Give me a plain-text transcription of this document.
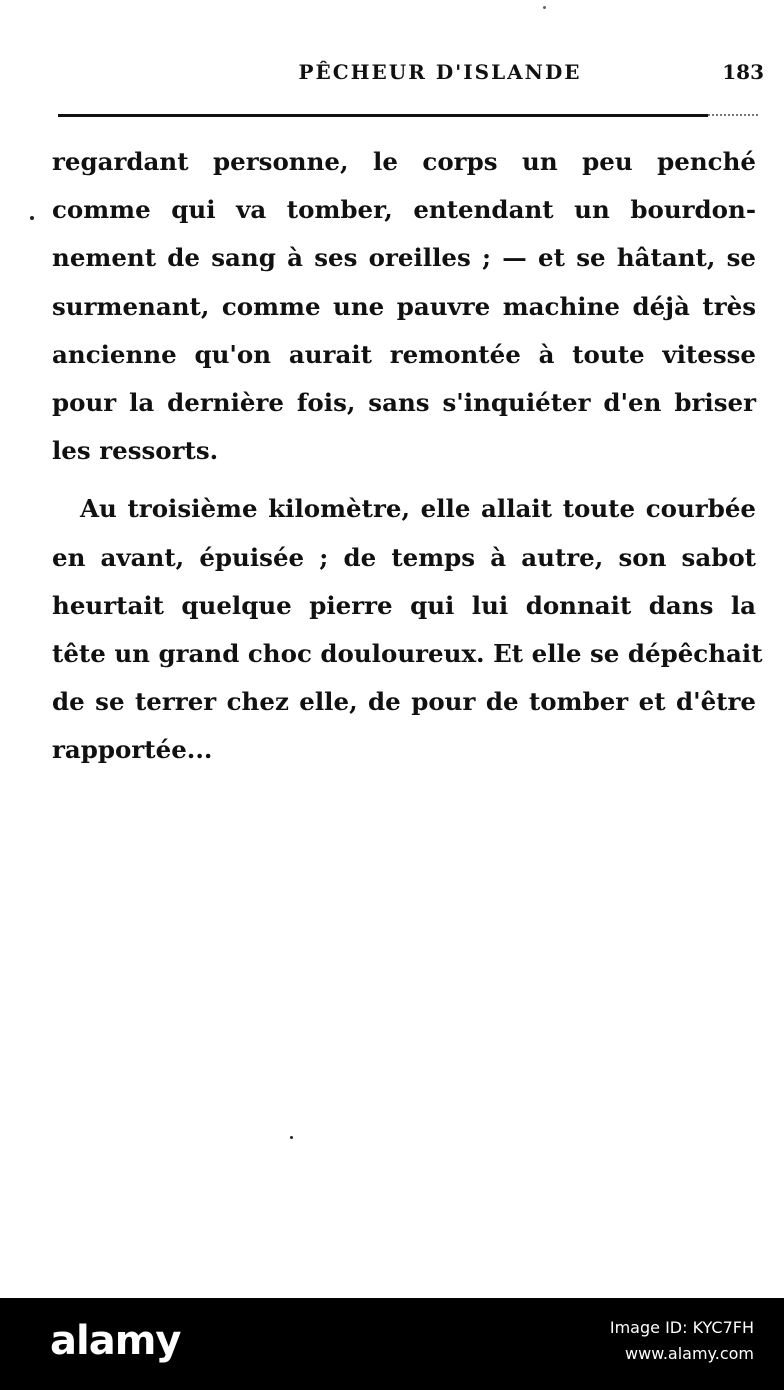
PÊCHEUR D'ISLANDE	183
regardant personne, le corps un peu penché
comme qui va tomber, entendant un bourdon-
nement de sang à ses oreilles ; — et se hâtant, se
surmenant, comme une pauvre machine déjà très
ancienne qu'on aurait remontée à toute vitesse
pour la dernière fois, sans s'inquiéter d'en briser
les ressorts.
Au troisième kilomètre, elle allait toute courbée
en avant, épuisée ; de temps à autre, son sabot
heurtait quelque pierre qui lui donnait dans la
tête un grand choc douloureux. Et elle se dépêchait
de se terrer chez elle, de pour de tomber et d'être
rapportée...
alamy	Image ID: KYC7FH
www.alamy.com
